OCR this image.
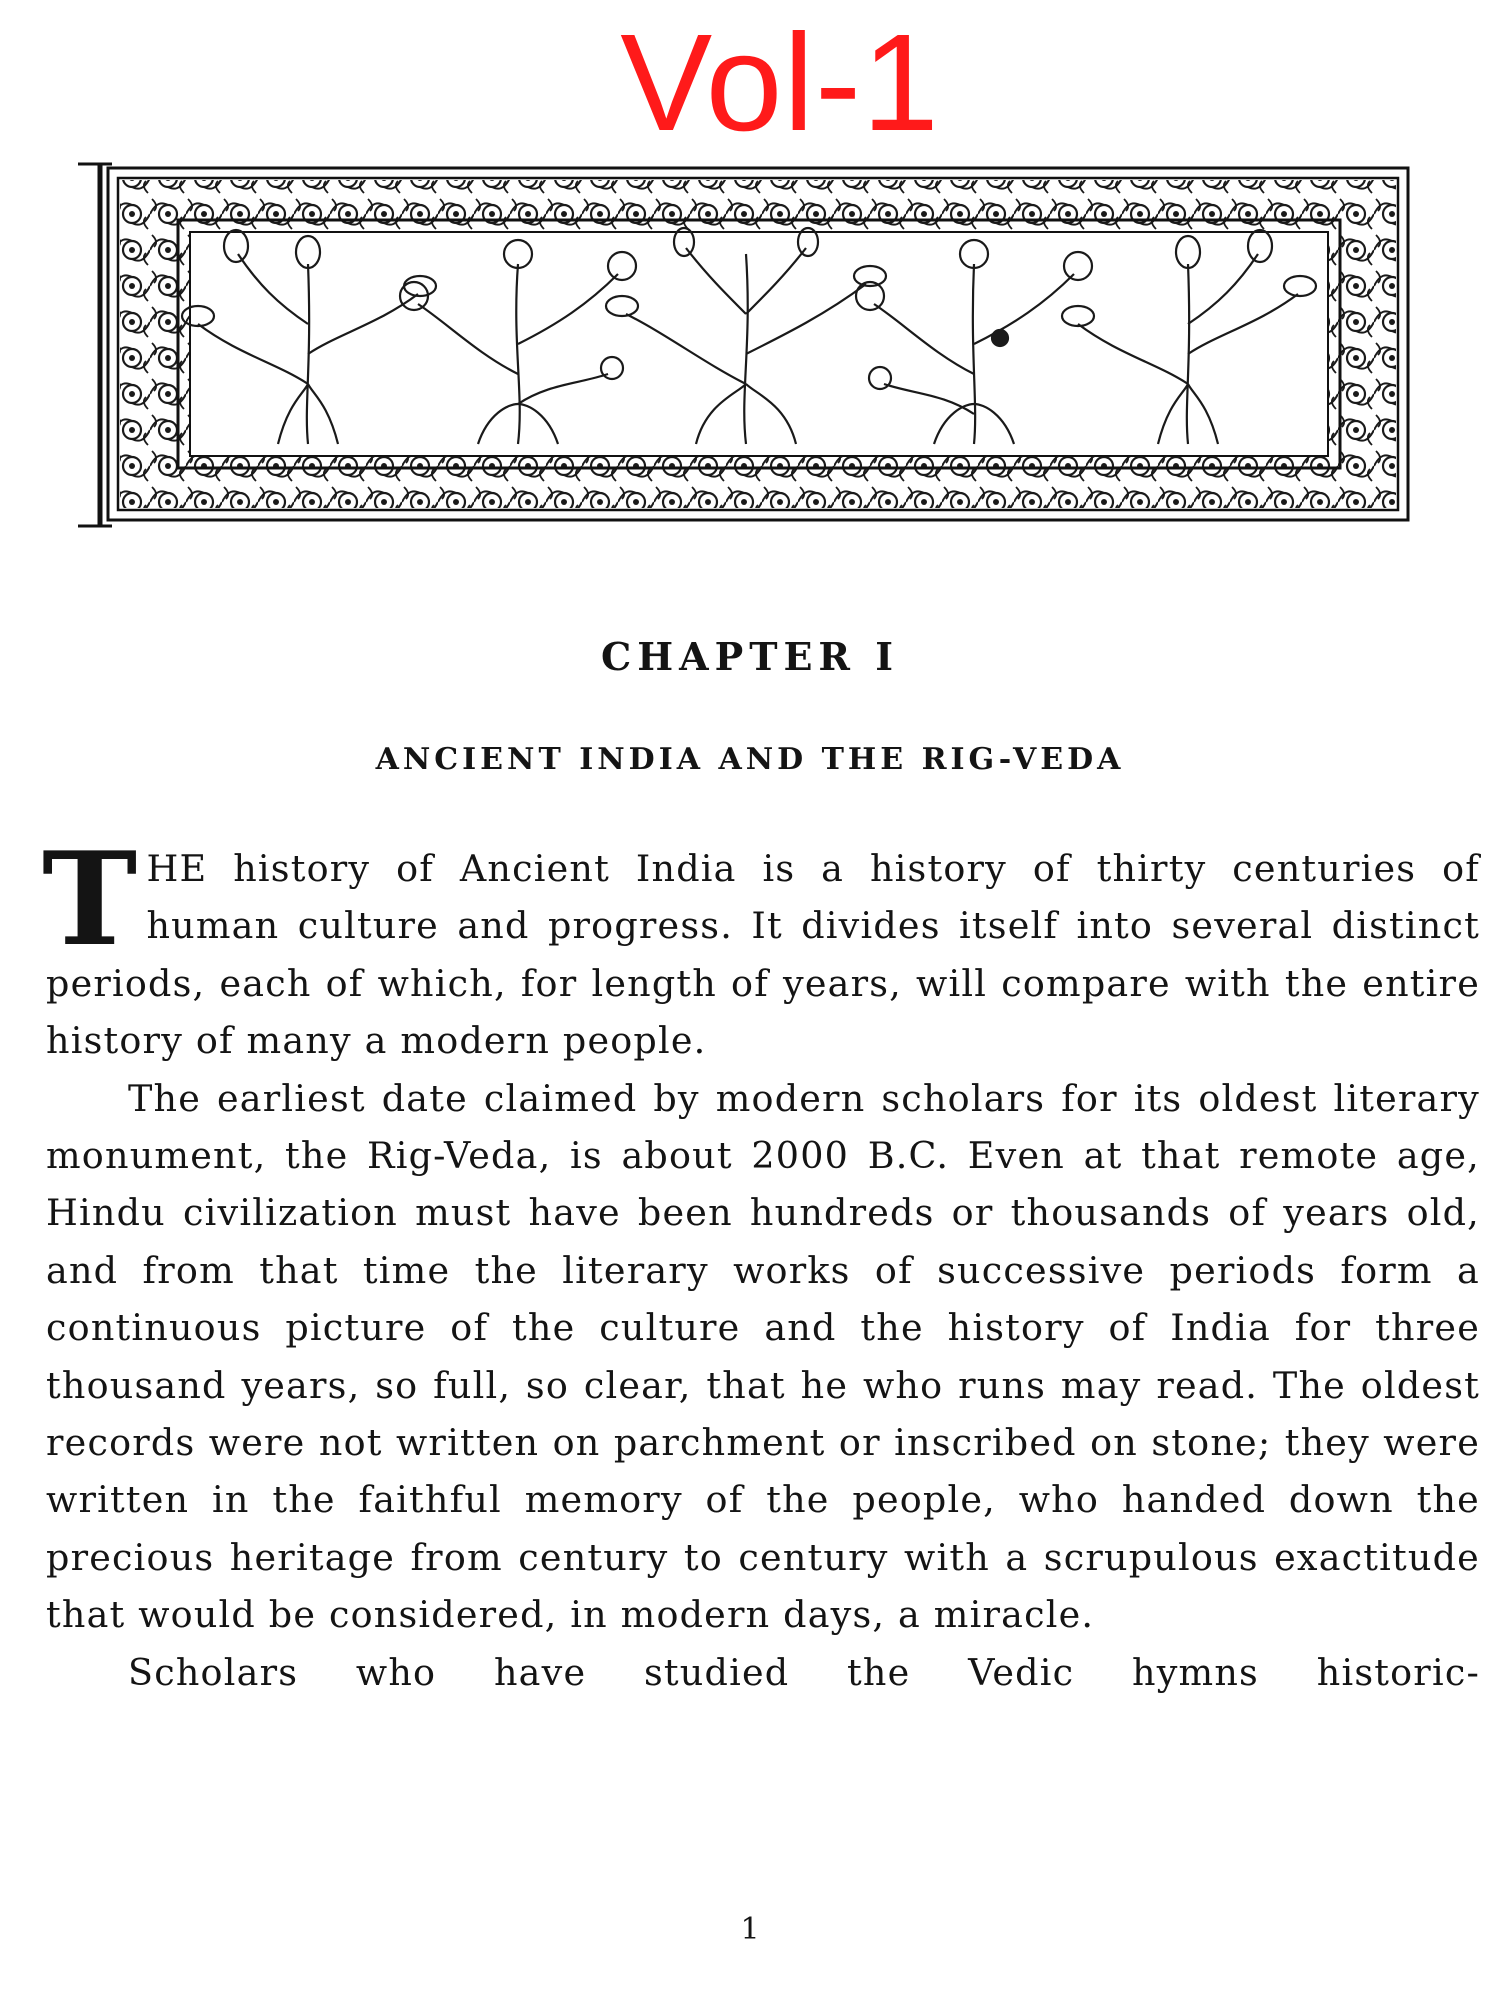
Vol-1
CHAPTER I
ANCIENT INDIA AND THE RIG-VEDA

THE history of Ancient India is a history of thirty centuries of human culture and progress. It divides itself into several distinct periods, each of which, for length of years, will compare with the entire history of many a modern people.

The earliest date claimed by modern scholars for its oldest literary monument, the Rig-Veda, is about 2000 B.C. Even at that remote age, Hindu civilization must have been hundreds or thousands of years old, and from that time the literary works of successive periods form a continuous picture of the culture and the history of India for three thousand years, so full, so clear, that he who runs may read. The oldest records were not written on parchment or inscribed on stone; they were written in the faithful memory of the people, who handed down the precious heritage from century to century with a scrupulous exactitude that would be considered, in modern days, a miracle.

Scholars who have studied the Vedic hymns historic-

1
